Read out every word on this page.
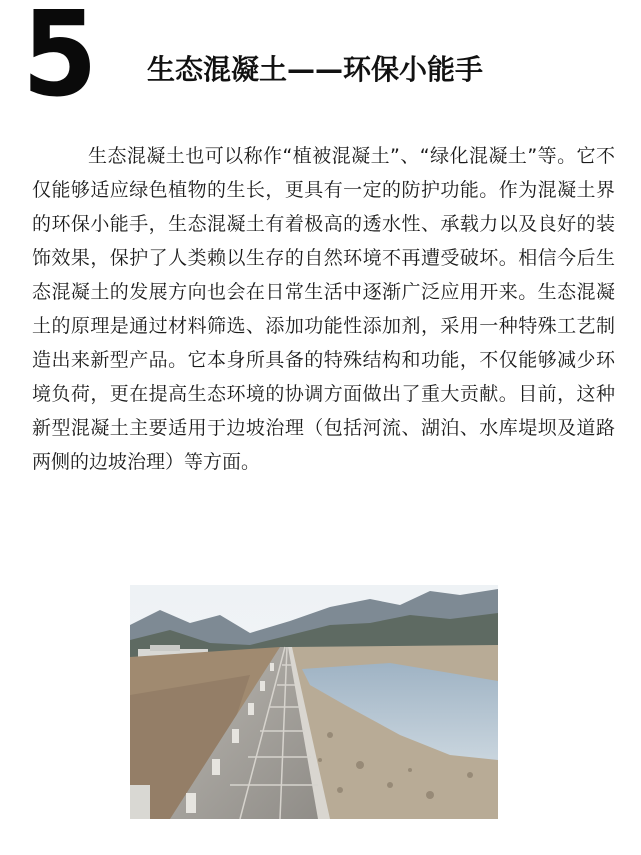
5 生态混凝土——环保小能手
生态混凝土也可以称作“植被混凝土”、“绿化混凝土”等。它不仅能够适应绿色植物的生长，更具有一定的防护功能。作为混凝土界的环保小能手，生态混凝土有着极高的透水性、承载力以及良好的装饰效果，保护了人类赖以生存的自然环境不再遭受破坏。相信今后生态混凝土的发展方向也会在日常生活中逐渐广泛应用开来。生态混凝土的原理是通过材料筛选、添加功能性添加剂，采用一种特殊工艺制造出来新型产品。它本身所具备的特殊结构和功能，不仅能够减少环境负荷，更在提高生态环境的协调方面做出了重大贡献。目前，这种新型混凝土主要适用于边坡治理（包括河流、湖泊、水库堤坝及道路两侧的边坡治理）等方面。
